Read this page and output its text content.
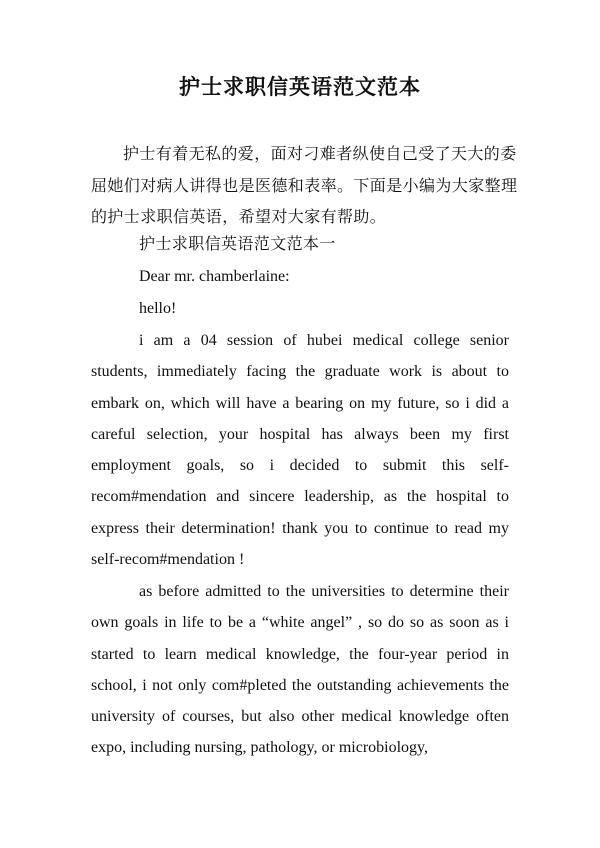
护士求职信英语范文范本

护士有着无私的爱，面对刁难者纵使自己受了天大的委屈她们对病人讲得也是医德和表率。下面是小编为大家整理的护士求职信英语，希望对大家有帮助。

护士求职信英语范文范本一

Dear mr. chamberlaine:

hello!

i am a 04 session of hubei medical college senior students, immediately facing the graduate work is about to embark on, which will have a bearing on my future, so i did a careful selection, your hospital has always been my first employment goals, so i decided to submit this self-recom#mendation and sincere leadership, as the hospital to express their determination! thank you to continue to read my self-recom#mendation !

as before admitted to the universities to determine their own goals in life to be a “white angel” , so do so as soon as i started to learn medical knowledge, the four-year period in school, i not only com#pleted the outstanding achievements the university of courses, but also other medical knowledge often expo, including nursing, pathology, or microbiology,
